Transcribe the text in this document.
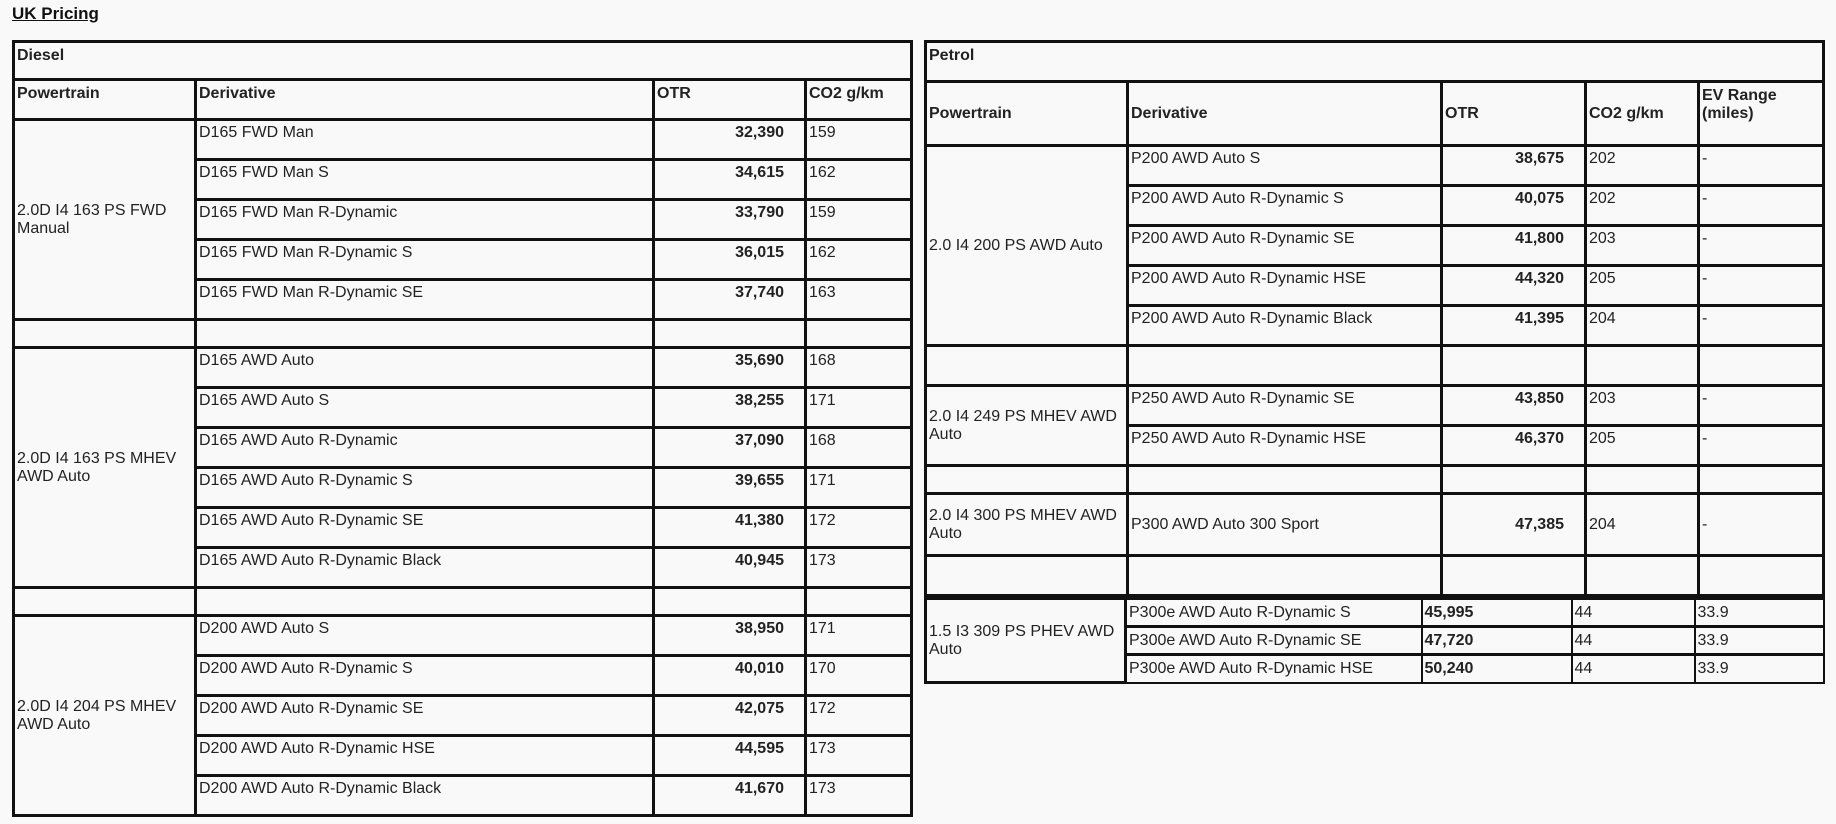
UK Pricing
Diesel			
Powertrain	Derivative	OTR	CO2 g/km
2.0D I4 163 PS FWD Manual	D165 FWD Man	32,390	159
	D165 FWD Man S	34,615	162
	D165 FWD Man R-Dynamic	33,790	159
	D165 FWD Man R-Dynamic S	36,015	162
	D165 FWD Man R-Dynamic SE	37,740	163

2.0D I4 163 PS MHEV AWD Auto	D165 AWD Auto	35,690	168
	D165 AWD Auto S	38,255	171
	D165 AWD Auto R-Dynamic	37,090	168
	D165 AWD Auto R-Dynamic S	39,655	171
	D165 AWD Auto R-Dynamic SE	41,380	172
	D165 AWD Auto R-Dynamic Black	40,945	173

2.0D I4 204 PS MHEV AWD Auto	D200 AWD Auto S	38,950	171
	D200 AWD Auto R-Dynamic S	40,010	170
	D200 AWD Auto R-Dynamic SE	42,075	172
	D200 AWD Auto R-Dynamic HSE	44,595	173
	D200 AWD Auto R-Dynamic Black	41,670	173
Petrol				
Powertrain	Derivative	OTR	CO2 g/km	EV Range (miles)
2.0 I4 200 PS AWD Auto	P200 AWD Auto S	38,675	202	-
	P200 AWD Auto R-Dynamic S	40,075	202	-
	P200 AWD Auto R-Dynamic SE	41,800	203	-
	P200 AWD Auto R-Dynamic HSE	44,320	205	-
	P200 AWD Auto R-Dynamic Black	41,395	204	-

2.0 I4 249 PS MHEV AWD Auto	P250 AWD Auto R-Dynamic SE	43,850	203	-
	P250 AWD Auto R-Dynamic HSE	46,370	205	-

2.0 I4 300 PS MHEV AWD Auto	P300 AWD Auto 300 Sport	47,385	204	-

1.5 I3 309 PS PHEV AWD Auto	P300e AWD Auto R-Dynamic S	45,995	44	33.9
	P300e AWD Auto R-Dynamic SE	47,720	44	33.9
	P300e AWD Auto R-Dynamic HSE	50,240	44	33.9
